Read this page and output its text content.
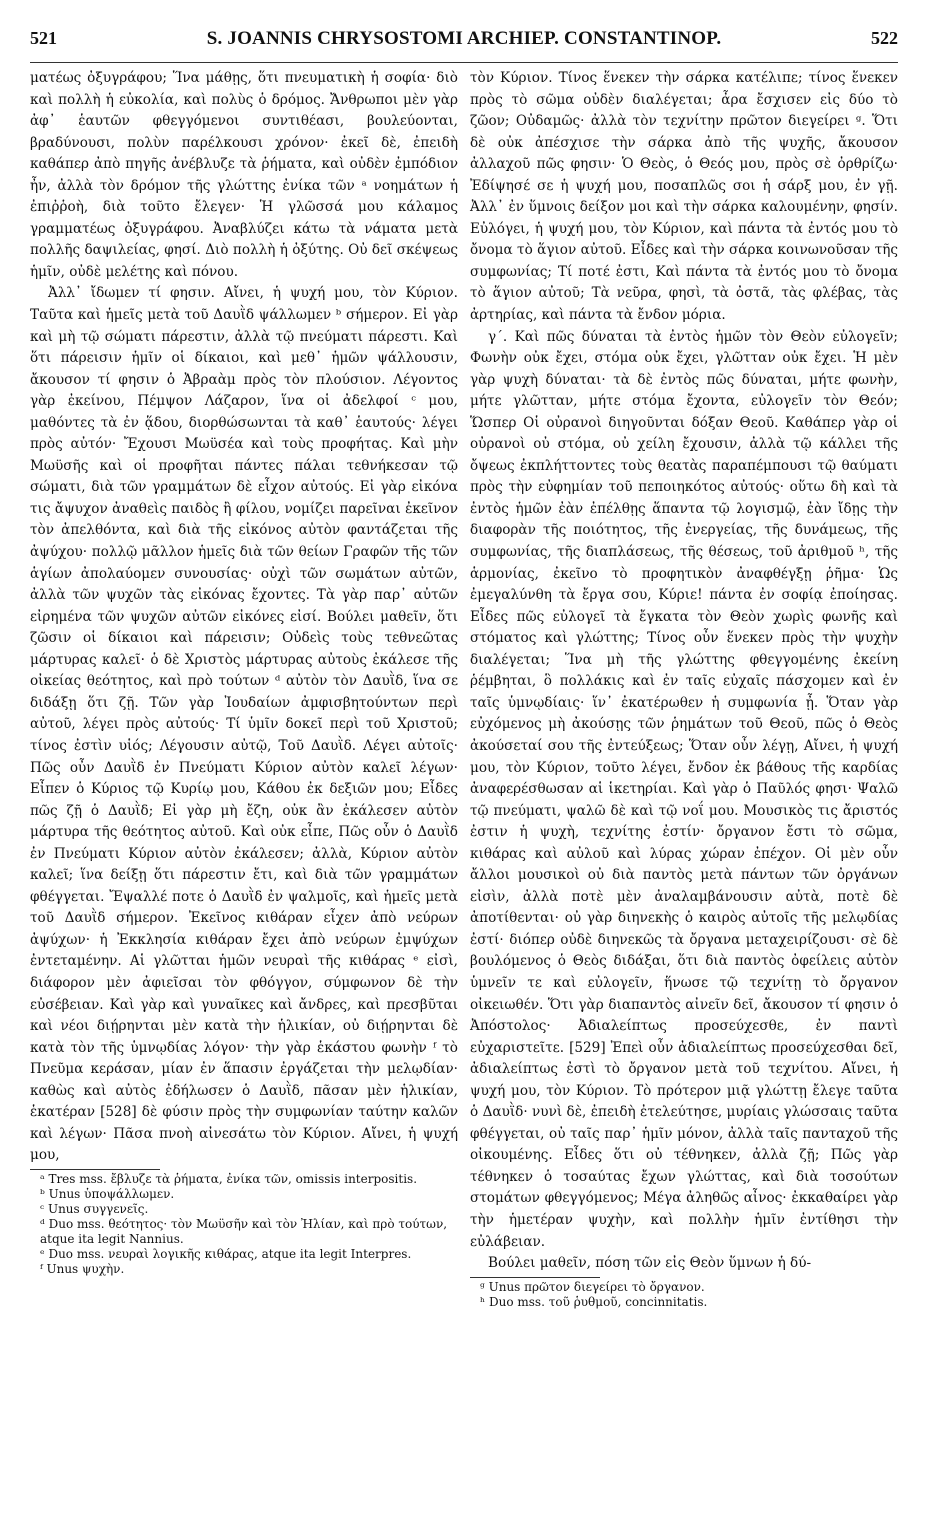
521	S. JOANNIS CHRYSOSTOMI ARCHIEP. CONSTANTINOP.	522

ματέως ὀξυγράφου; Ἵνα μάθῃς, ὅτι πνευματικὴ ἡ σοφία· διὸ καὶ πολλὴ ἡ εὐκολία, καὶ πολὺς ὁ δρόμος. Ἄνθρωποι μὲν γὰρ ἀφ᾿ ἑαυτῶν φθεγγόμενοι συντιθέασι, βουλεύονται, βραδύνουσι, πολὺν παρέλκουσι χρόνον· ἐκεῖ δὲ, ἐπειδὴ καθάπερ ἀπὸ πηγῆς ἀνέβλυζε τὰ ῥήματα, καὶ οὐδὲν ἐμπόδιον ἦν, ἀλλὰ τὸν δρόμον τῆς γλώττης ἐνίκα τῶν ᵃ νοημάτων ἡ ἐπιῤῥοὴ, διὰ τοῦτο ἔλεγεν· Ἡ γλῶσσά μου κάλαμος γραμματέως ὀξυγράφου. Ἀναβλύζει κάτω τὰ νάματα μετὰ πολλῆς δαψιλείας, φησί. Διὸ πολλὴ ἡ ὀξύτης. Οὐ δεῖ σκέψεως ἡμῖν, οὐδὲ μελέτης καὶ πόνου.

Ἀλλ᾿ ἴδωμεν τί φησιν. Αἴνει, ἡ ψυχή μου, τὸν Κύριον. Ταῦτα καὶ ἡμεῖς μετὰ τοῦ Δαυῒδ ψάλλωμεν ᵇ σήμερον. Εἰ γὰρ καὶ μὴ τῷ σώματι πάρεστιν, ἀλλὰ τῷ πνεύματι πάρεστι. Καὶ ὅτι πάρεισιν ἡμῖν οἱ δίκαιοι, καὶ μεθ᾿ ἡμῶν ψάλλουσιν, ἄκουσον τί φησιν ὁ Ἀβραὰμ πρὸς τὸν πλούσιον. Λέγοντος γὰρ ἐκείνου, Πέμψον Λάζαρον, ἵνα οἱ ἀδελφοί ᶜ μου, μαθόντες τὰ ἐν ᾅδου, διορθώσωνται τὰ καθ᾿ ἑαυτούς· λέγει πρὸς αὐτόν· Ἔχουσι Μωϋσέα καὶ τοὺς προφήτας. Καὶ μὴν Μωϋσῆς καὶ οἱ προφῆται πάντες πάλαι τεθνήκεσαν τῷ σώματι, διὰ τῶν γραμμάτων δὲ εἶχον αὐτούς. Εἰ γὰρ εἰκόνα τις ἄψυχον ἀναθεὶς παιδὸς ἢ φίλου, νομίζει παρεῖναι ἐκεῖνον τὸν ἀπελθόντα, καὶ διὰ τῆς εἰκόνος αὐτὸν φαντάζεται τῆς ἀψύχου· πολλῷ μᾶλλον ἡμεῖς διὰ τῶν θείων Γραφῶν τῆς τῶν ἁγίων ἀπολαύομεν συνουσίας· οὐχὶ τῶν σωμάτων αὐτῶν, ἀλλὰ τῶν ψυχῶν τὰς εἰκόνας ἔχοντες. Τὰ γὰρ παρ᾿ αὐτῶν εἰρημένα τῶν ψυχῶν αὐτῶν εἰκόνες εἰσί. Βούλει μαθεῖν, ὅτι ζῶσιν οἱ δίκαιοι καὶ πάρεισιν; Οὐδεὶς τοὺς τεθνεῶτας μάρτυρας καλεῖ· ὁ δὲ Χριστὸς μάρτυρας αὐτοὺς ἐκάλεσε τῆς οἰκείας θεότητος, καὶ πρὸ τούτων ᵈ αὐτὸν τὸν Δαυῒδ, ἵνα σε διδάξῃ ὅτι ζῇ. Τῶν γὰρ Ἰουδαίων ἀμφισβητούντων περὶ αὐτοῦ, λέγει πρὸς αὐτούς· Τί ὑμῖν δοκεῖ περὶ τοῦ Χριστοῦ; τίνος ἐστὶν υἱός; Λέγουσιν αὐτῷ, Τοῦ Δαυῒδ. Λέγει αὐτοῖς· Πῶς οὖν Δαυῒδ ἐν Πνεύματι Κύριον αὐτὸν καλεῖ λέγων· Εἶπεν ὁ Κύριος τῷ Κυρίῳ μου, Κάθου ἐκ δεξιῶν μου; Εἶδες πῶς ζῇ ὁ Δαυῒδ; Εἰ γὰρ μὴ ἔζη, οὐκ ἂν ἐκάλεσεν αὐτὸν μάρτυρα τῆς θεότητος αὐτοῦ. Καὶ οὐκ εἶπε, Πῶς οὖν ὁ Δαυῒδ ἐν Πνεύματι Κύριον αὐτὸν ἐκάλεσεν; ἀλλὰ, Κύριον αὐτὸν καλεῖ; ἵνα δείξῃ ὅτι πάρεστιν ἔτι, καὶ διὰ τῶν γραμμάτων φθέγγεται. Ἔψαλλέ ποτε ὁ Δαυῒδ ἐν ψαλμοῖς, καὶ ἡμεῖς μετὰ τοῦ Δαυῒδ σήμερον. Ἐκεῖνος κιθάραν εἶχεν ἀπὸ νεύρων ἀψύχων· ἡ Ἐκκλησία κιθάραν ἔχει ἀπὸ νεύρων ἐμψύχων ἐντεταμένην. Αἱ γλῶτται ἡμῶν νευραὶ τῆς κιθάρας ᵉ εἰσὶ, διάφορον μὲν ἀφιεῖσαι τὸν φθόγγον, σύμφωνον δὲ τὴν εὐσέβειαν. Καὶ γὰρ καὶ γυναῖκες καὶ ἄνδρες, καὶ πρεσβῦται καὶ νέοι διῄρηνται μὲν κατὰ τὴν ἡλικίαν, οὐ διῄρηνται δὲ κατὰ τὸν τῆς ὑμνῳδίας λόγον· τὴν γὰρ ἑκάστου φωνὴν ᶠ τὸ Πνεῦμα κεράσαν, μίαν ἐν ἅπασιν ἐργάζεται τὴν μελῳδίαν· καθὼς καὶ αὐτὸς ἐδήλωσεν ὁ Δαυῒδ, πᾶσαν μὲν ἡλικίαν, ἑκατέραν [528] δὲ φύσιν πρὸς τὴν συμφωνίαν ταύτην καλῶν καὶ λέγων· Πᾶσα πνοὴ αἰνεσάτω τὸν Κύριον. Αἴνει, ἡ ψυχή μου,

ᵃ Tres mss. ἔβλυζε τὰ ῥήματα, ἐνίκα τῶν, omissis interpositis.
ᵇ Unus ὑποψάλλωμεν.
ᶜ Unus συγγενεῖς.
ᵈ Duo mss. θεότητος· τὸν Μωϋσῆν καὶ τὸν Ἠλίαν, καὶ πρὸ τούτων, atque ita legit Nannius.
ᵉ Duo mss. νευραὶ λογικῆς κιθάρας, atque ita legit Interpres.
ᶠ Unus ψυχὴν.

τὸν Κύριον. Τίνος ἕνεκεν τὴν σάρκα κατέλιπε; τίνος ἕνεκεν πρὸς τὸ σῶμα οὐδὲν διαλέγεται; ἆρα ἔσχισεν εἰς δύο τὸ ζῶον; Οὐδαμῶς· ἀλλὰ τὸν τεχνίτην πρῶτον διεγείρει ᵍ. Ὅτι δὲ οὐκ ἀπέσχισε τὴν σάρκα ἀπὸ τῆς ψυχῆς, ἄκουσον ἀλλαχοῦ πῶς φησιν· Ὁ Θεὸς, ὁ Θεός μου, πρὸς σὲ ὀρθρίζω· Ἐδίψησέ σε ἡ ψυχή μου, ποσαπλῶς σοι ἡ σάρξ μου, ἐν γῇ. Ἀλλ᾿ ἐν ὕμνοις δείξον μοι καὶ τὴν σάρκα καλουμένην, φησίν. Εὐλόγει, ἡ ψυχή μου, τὸν Κύριον, καὶ πάντα τὰ ἐντός μου τὸ ὄνομα τὸ ἅγιον αὐτοῦ. Εἶδες καὶ τὴν σάρκα κοινωνοῦσαν τῆς συμφωνίας; Τί ποτέ ἐστι, Καὶ πάντα τὰ ἐντός μου τὸ ὄνομα τὸ ἅγιον αὐτοῦ; Τὰ νεῦρα, φησὶ, τὰ ὀστᾶ, τὰς φλέβας, τὰς ἀρτηρίας, καὶ πάντα τὰ ἔνδον μόρια.

γ´. Καὶ πῶς δύναται τὰ ἐντὸς ἡμῶν τὸν Θεὸν εὐλογεῖν; Φωνὴν οὐκ ἔχει, στόμα οὐκ ἔχει, γλῶτταν οὐκ ἔχει. Ἡ μὲν γὰρ ψυχὴ δύναται· τὰ δὲ ἐντὸς πῶς δύναται, μήτε φωνὴν, μήτε γλῶτταν, μήτε στόμα ἔχοντα, εὐλογεῖν τὸν Θεόν; Ὥσπερ Οἱ οὐρανοὶ διηγοῦνται δόξαν Θεοῦ. Καθάπερ γὰρ οἱ οὐρανοὶ οὐ στόμα, οὐ χείλη ἔχουσιν, ἀλλὰ τῷ κάλλει τῆς ὄψεως ἐκπλήττοντες τοὺς θεατὰς παραπέμπουσι τῷ θαύματι πρὸς τὴν εὐφημίαν τοῦ πεποιηκότος αὐτούς· οὕτω δὴ καὶ τὰ ἐντὸς ἡμῶν ἐὰν ἐπέλθῃς ἅπαντα τῷ λογισμῷ, ἐὰν ἴδῃς τὴν διαφορὰν τῆς ποιότητος, τῆς ἐνεργείας, τῆς δυνάμεως, τῆς συμφωνίας, τῆς διαπλάσεως, τῆς θέσεως, τοῦ ἀριθμοῦ ʰ, τῆς ἁρμονίας, ἐκεῖνο τὸ προφητικὸν ἀναφθέγξῃ ῥῆμα· Ὡς ἐμεγαλύνθη τὰ ἔργα σου, Κύριε! πάντα ἐν σοφίᾳ ἐποίησας. Εἶδες πῶς εὐλογεῖ τὰ ἔγκατα τὸν Θεὸν χωρὶς φωνῆς καὶ στόματος καὶ γλώττης; Τίνος οὖν ἕνεκεν πρὸς τὴν ψυχὴν διαλέγεται; Ἵνα μὴ τῆς γλώττης φθεγγομένης ἐκείνη ῥέμβηται, ὃ πολλάκις καὶ ἐν ταῖς εὐχαῖς πάσχομεν καὶ ἐν ταῖς ὑμνῳδίαις· ἵν᾿ ἐκατέρωθεν ἡ συμφωνία ᾖ. Ὅταν γὰρ εὐχόμενος μὴ ἀκούσῃς τῶν ῥημάτων τοῦ Θεοῦ, πῶς ὁ Θεὸς ἀκούσεταί σου τῆς ἐντεύξεως; Ὅταν οὖν λέγῃ, Αἴνει, ἡ ψυχή μου, τὸν Κύριον, τοῦτο λέγει, ἔνδον ἐκ βάθους τῆς καρδίας ἀναφερέσθωσαν αἱ ἱκετηρίαι. Καὶ γὰρ ὁ Παῦλός φησι· Ψαλῶ τῷ πνεύματι, ψαλῶ δὲ καὶ τῷ νοΐ μου. Μουσικὸς τις ἄριστός ἐστιν ἡ ψυχὴ, τεχνίτης ἐστίν· ὄργανον ἔστι τὸ σῶμα, κιθάρας καὶ αὐλοῦ καὶ λύρας χώραν ἐπέχον. Οἱ μὲν οὖν ἄλλοι μουσικοὶ οὐ διὰ παντὸς μετὰ πάντων τῶν ὀργάνων εἰσὶν, ἀλλὰ ποτὲ μὲν ἀναλαμβάνουσιν αὐτὰ, ποτὲ δὲ ἀποτίθενται· οὐ γὰρ διηνεκὴς ὁ καιρὸς αὐτοῖς τῆς μελῳδίας ἐστί· διόπερ οὐδὲ διηνεκῶς τὰ ὄργανα μεταχειρίζουσι· σὲ δὲ βουλόμενος ὁ Θεὸς διδάξαι, ὅτι διὰ παντὸς ὀφείλεις αὐτὸν ὑμνεῖν τε καὶ εὐλογεῖν, ἥνωσε τῷ τεχνίτῃ τὸ ὄργανον οἰκειωθέν. Ὅτι γὰρ διαπαντὸς αἰνεῖν δεῖ, ἄκουσον τί φησιν ὁ Ἀπόστολος· Ἀδιαλείπτως προσεύχεσθε, ἐν παντὶ εὐχαριστεῖτε. [529] Ἐπεὶ οὖν ἀδιαλείπτως προσεύχεσθαι δεῖ, ἀδιαλείπτως ἐστὶ τὸ ὄργανον μετὰ τοῦ τεχνίτου. Αἴνει, ἡ ψυχή μου, τὸν Κύριον. Τὸ πρότερον μιᾷ γλώττῃ ἔλεγε ταῦτα ὁ Δαυῒδ· νυνὶ δὲ, ἐπειδὴ ἐτελεύτησε, μυρίαις γλώσσαις ταῦτα φθέγγεται, οὐ ταῖς παρ᾿ ἡμῖν μόνον, ἀλλὰ ταῖς πανταχοῦ τῆς οἰκουμένης. Εἶδες ὅτι οὐ τέθνηκεν, ἀλλὰ ζῇ; Πῶς γὰρ τέθνηκεν ὁ τοσαύτας ἔχων γλώττας, καὶ διὰ τοσούτων στομάτων φθεγγόμενος; Μέγα ἀληθῶς αἶνος· ἐκκαθαίρει γὰρ τὴν ἡμετέραν ψυχὴν, καὶ πολλὴν ἡμῖν ἐντίθησι τὴν εὐλάβειαν.

Βούλει μαθεῖν, πόση τῶν εἰς Θεὸν ὕμνων ἡ δύ-

ᵍ Unus πρῶτον διεγείρει τὸ ὄργανον.
ʰ Duo mss. τοῦ ῥυθμοῦ, concinnitatis.
